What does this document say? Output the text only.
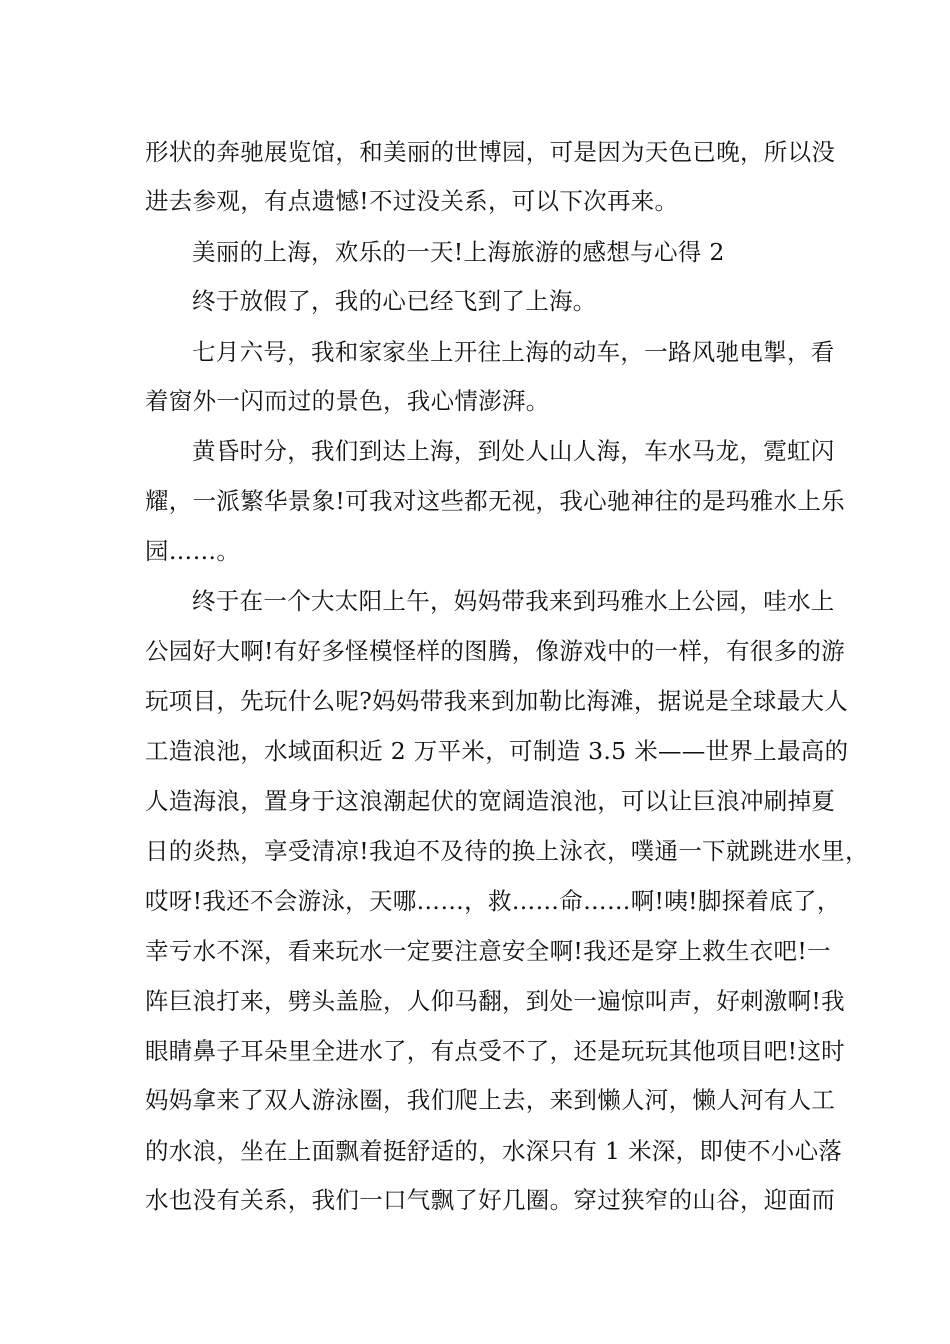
形状的奔驰展览馆，和美丽的世博园，可是因为天色已晚，所以没
进去参观，有点遗憾!不过没关系，可以下次再来。
美丽的上海，欢乐的一天!上海旅游的感想与心得 2
终于放假了，我的心已经飞到了上海。
七月六号，我和家家坐上开往上海的动车，一路风驰电掣，看
着窗外一闪而过的景色，我心情澎湃。
黄昏时分，我们到达上海，到处人山人海，车水马龙，霓虹闪
耀，一派繁华景象!可我对这些都无视，我心驰神往的是玛雅水上乐
园……。
终于在一个大太阳上午，妈妈带我来到玛雅水上公园，哇水上
公园好大啊!有好多怪模怪样的图腾，像游戏中的一样，有很多的游
玩项目，先玩什么呢?妈妈带我来到加勒比海滩，据说是全球最大人
工造浪池，水域面积近 2 万平米，可制造 3.5 米——世界上最高的
人造海浪，置身于这浪潮起伏的宽阔造浪池，可以让巨浪冲刷掉夏
日的炎热，享受清凉!我迫不及待的换上泳衣，噗通一下就跳进水里，
哎呀!我还不会游泳，天哪……，救……命……啊!咦!脚探着底了，
幸亏水不深，看来玩水一定要注意安全啊!我还是穿上救生衣吧!一
阵巨浪打来，劈头盖脸，人仰马翻，到处一遍惊叫声，好刺激啊!我
眼睛鼻子耳朵里全进水了，有点受不了，还是玩玩其他项目吧!这时
妈妈拿来了双人游泳圈，我们爬上去，来到懒人河，懒人河有人工
的水浪，坐在上面飘着挺舒适的，水深只有 1 米深，即使不小心落
水也没有关系，我们一口气飘了好几圈。穿过狭窄的山谷，迎面而
